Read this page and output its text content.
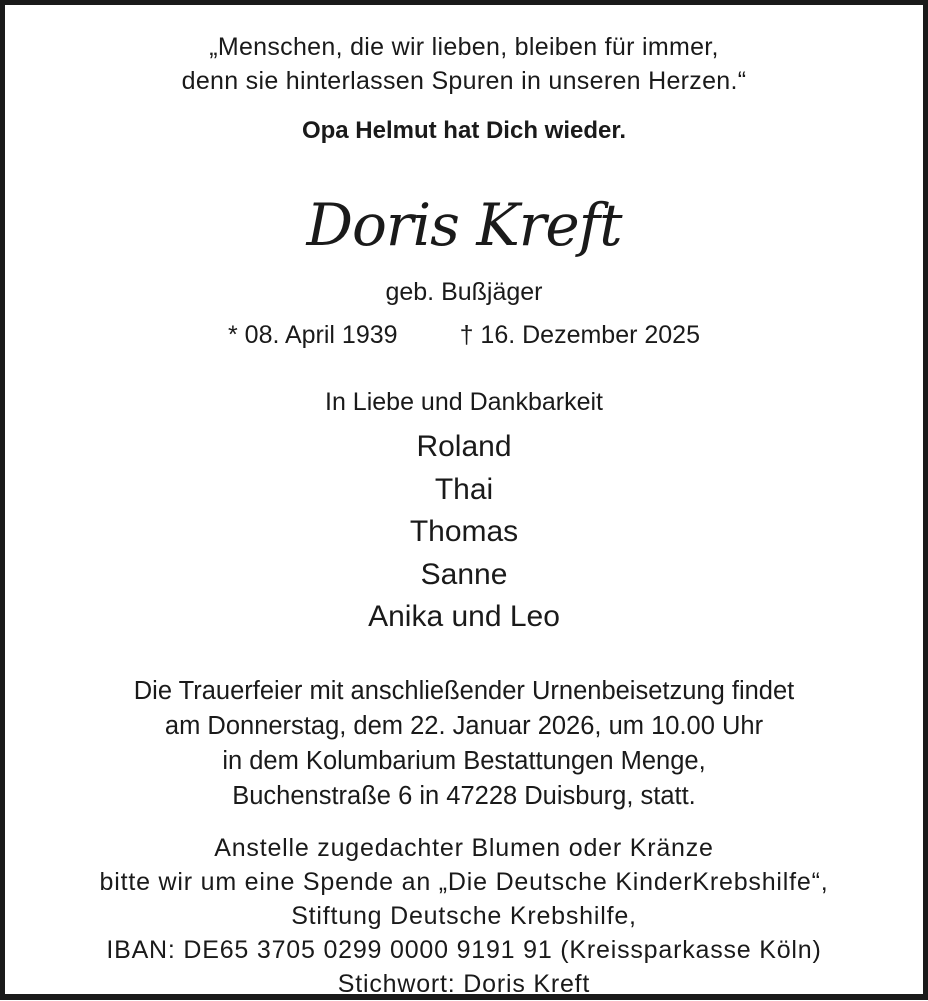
„Menschen, die wir lieben, bleiben für immer,
denn sie hinterlassen Spuren in unseren Herzen.“
Opa Helmut hat Dich wieder.
Doris Kreft
geb. Bußjäger
* 08. April 1939 † 16. Dezember 2025
In Liebe und Dankbarkeit
Roland
Thai
Thomas
Sanne
Anika und Leo
Die Trauerfeier mit anschließender Urnenbeisetzung findet
am Donnerstag, dem 22. Januar 2026, um 10.00 Uhr
in dem Kolumbarium Bestattungen Menge,
Buchenstraße 6 in 47228 Duisburg, statt.
Anstelle zugedachter Blumen oder Kränze
bitte wir um eine Spende an „Die Deutsche KinderKrebshilfe“,
Stiftung Deutsche Krebshilfe,
IBAN: DE65 3705 0299 0000 9191 91 (Kreissparkasse Köln)
Stichwort: Doris Kreft
